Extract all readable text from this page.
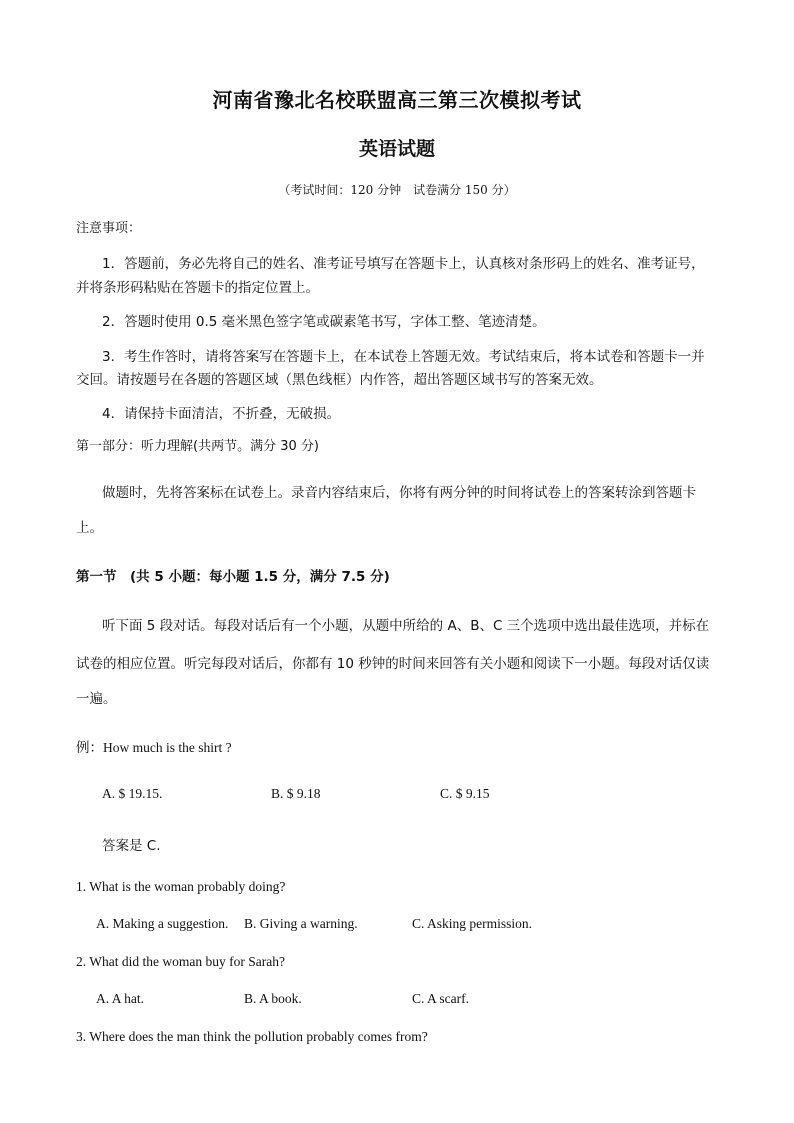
河南省豫北名校联盟高三第三次模拟考试
英语试题
（考试时间：120 分钟　试卷满分 150 分）
注意事项：
1．答题前，务必先将自己的姓名、准考证号填写在答题卡上，认真核对条形码上的姓名、准考证号，
并将条形码粘贴在答题卡的指定位置上。
2．答题时使用 0.5 毫米黑色签字笔或碳素笔书写，字体工整、笔迹清楚。
3．考生作答时，请将答案写在答题卡上，在本试卷上答题无效。考试结束后，将本试卷和答题卡一并
交回。请按题号在各题的答题区域（黑色线框）内作答，超出答题区域书写的答案无效。
4．请保持卡面清洁，不折叠，无破损。
第一部分：听力理解(共两节。满分 30 分)
做题时，先将答案标在试卷上。录音内容结束后，你将有两分钟的时间将试卷上的答案转涂到答题卡
上。
第一节　(共 5 小题：每小题 1.5 分，满分 7.5 分)
听下面 5 段对话。每段对话后有一个小题，从题中所给的 A、B、C 三个选项中选出最佳选项，并标在
试卷的相应位置。听完每段对话后，你都有 10 秒钟的时间来回答有关小题和阅读下一小题。每段对话仅读
一遍。
例：How much is the shirt ?
A. $ 19.15.	B. $ 9.18	C. $ 9.15
答案是 C.
1. What is the woman probably doing?
A. Making a suggestion. B. Giving a warning.	C. Asking permission.
2. What did the woman buy for Sarah?
A. A hat.	B. A book.	C. A scarf.
3. Where does the man think the pollution probably comes from?
